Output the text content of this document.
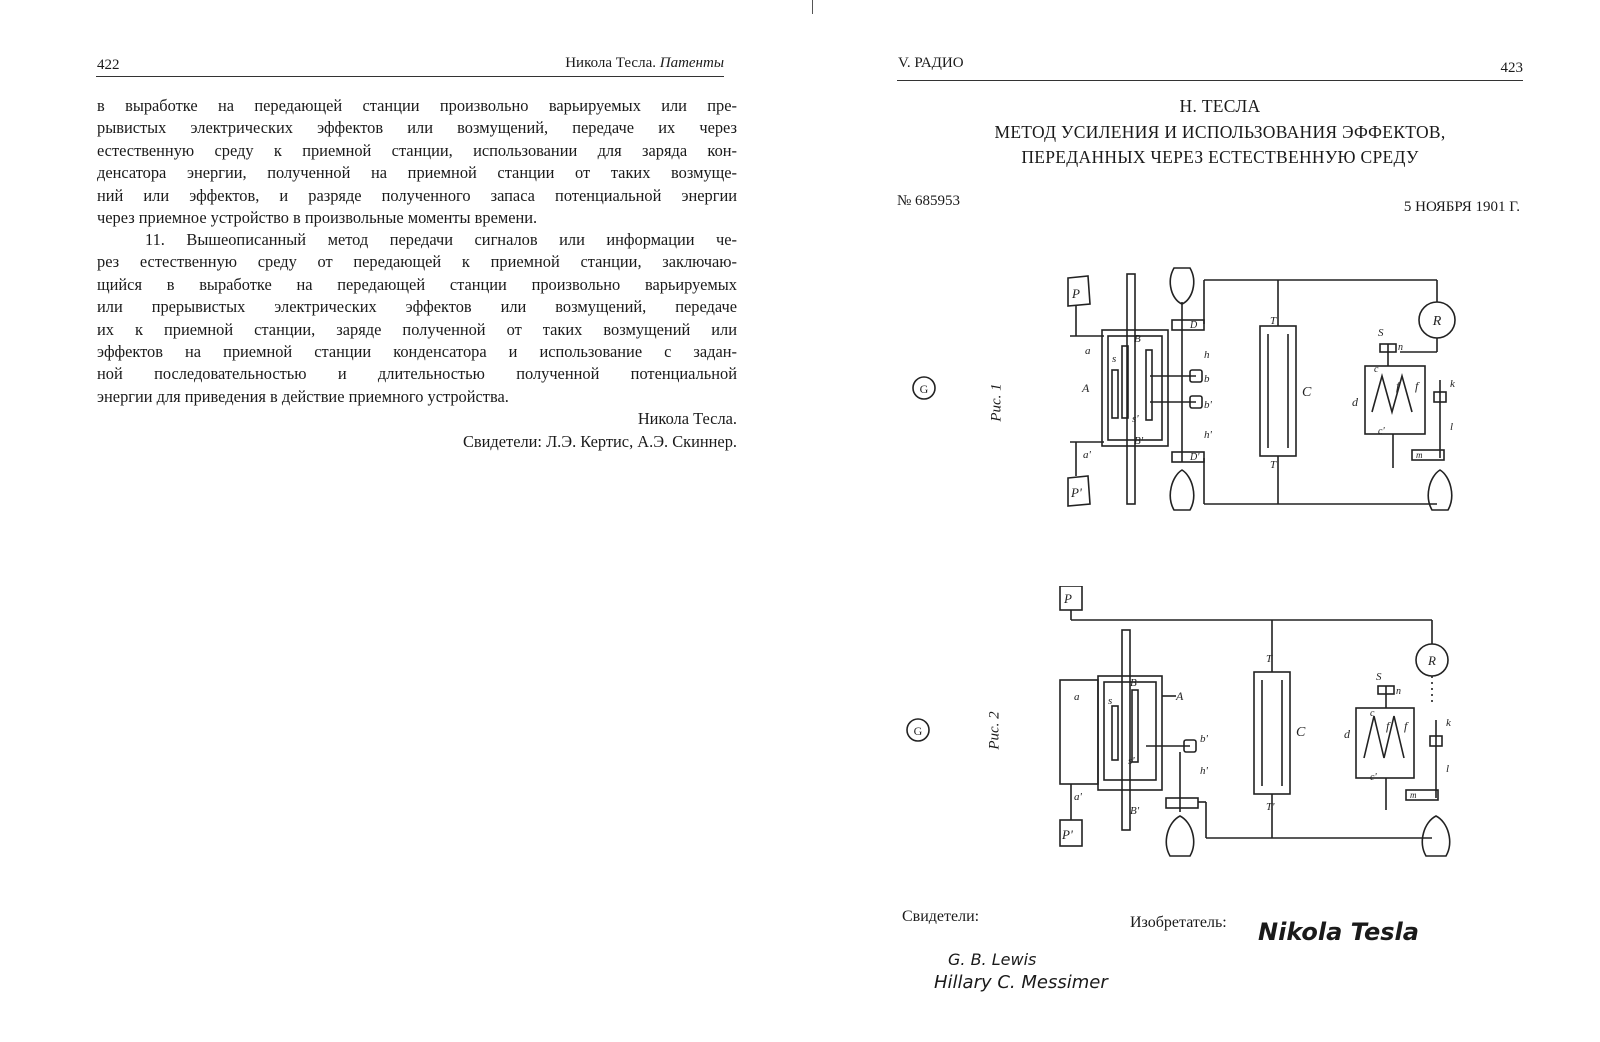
422	Никола Тесла. Патенты
в выработке на передающей станции произвольно варьируемых или пре-
рывистых электрических эффектов или возмущений, передаче их через
естественную среду к приемной станции, использовании для заряда кон-
денсатора энергии, полученной на приемной станции от таких возмуще-
ний или эффектов, и разряде полученного запаса потенциальной энергии
через приемное устройство в произвольные моменты времени.
11. Вышеописанный метод передачи сигналов или информации че-
рез естественную среду от передающей к приемной станции, заключаю-
щийся в выработке на передающей станции произвольно варьируемых
или прерывистых электрических эффектов или возмущений, передаче
их к приемной станции, заряде полученной от таких возмущений или
эффектов на приемной станции конденсатора и использование с задан-
ной последовательностью и длительностью полученной потенциальной
энергии для приведения в действие приемного устройства.
Никола Тесла.
Свидетели: Л.Э. Кертис, А.Э. Скиннер.
V. РАДИО	423
Н. ТЕСЛА
МЕТОД УСИЛЕНИЯ И ИСПОЛЬЗОВАНИЯ ЭФФЕКТОВ,
ПЕРЕДАННЫХ ЧЕРЕЗ ЕСТЕСТВЕННУЮ СРЕДУ
№ 685953	5 НОЯБРЯ 1901 Г.
Рис. 1
G
P
P'
a
a'
B
B'
s
s'
A
b
b'
h
h'
D
D'
T
T'
C
R
S
n
c
c'
d
f f	k
l
m
Рис. 2
G
P
P'
a
a'
B
B'
s
s'
A
b'
h'
T
T'
C
R
S
n
c
c'
d
f f	k
l
m
Свидетели:	Изобретатель: Nikola Tesla
G. B. Lewis
Hillary C. Messimer
